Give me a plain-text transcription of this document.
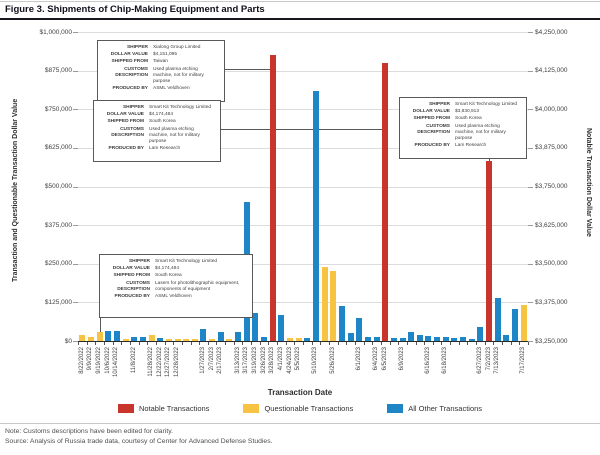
Figure 3. Shipments of Chip-Making Equipment and Parts
$1,000,000	$4,250,000
$875,000	$4,125,000
$750,000	$4,000,000
$625,000	$3,875,000
$500,000	$3,750,000
$375,000	$3,625,000
$250,000	$3,500,000
$125,000	$3,375,000
$0	$3,250,000
8/22/2022 9/9/2022 9/19/2022 10/6/2022 10/14/2022 11/8/2022 11/28/2022 12/22/2022 12/27/2022 12/28/2022	1/27/2023 2/7/2023 2/17/2023 3/13/2023 3/17/2023 3/19/2023 3/26/2023 3/28/2023 4/1/2023 4/24/2023 5/5/2023 5/10/2023 5/26/2023	6/1/2023 6/4/2023 6/5/2023 6/9/2023	6/16/2023 6/18/2023	6/27/2023 7/2/2023 7/13/2023	7/17/2023
SHIPPER Xialong Group Limited
DOLLAR VALUE $4,151,095
SHIPPED FROM Taiwan
CUSTOMS DESCRIPTION
Used plasma etching machine, not for military purpose
PRODUCED BY ASML Veldhoven
SHIPPER Smart Kit Technology Limited
DOLLAR VALUE $4,174,484
SHIPPED FROM South Korea
CUSTOMS DESCRIPTION
Used plasma etching machine, not for military purpose
PRODUCED BY Lam Research
SHIPPER Smart Kit Technology Limited
DOLLAR VALUE $3,830,913
SHIPPED FROM South Korea
CUSTOMS DESCRIPTION
Used plasma etching machine, not for military purpose
PRODUCED BY Lam Research
SHIPPER Smart Kit Technology Limited
DOLLAR VALUE $4,174,484
SHIPPED FROM South Korea
CUSTOMS DESCRIPTION
Lasers for photolithographic equipment, components of equipment
PRODUCED BY ASML Veldhoven
Transaction and Questionable Transaction Dollar Value	Notable Transaction Dollar Value
Transaction Date
Notable Transactions	Questionable Transactions	All Other Transactions
Note: Customs descriptions have been edited for clarity.
Source: Analysis of Russia trade data, courtesy of Center for Advanced Defense Studies.
